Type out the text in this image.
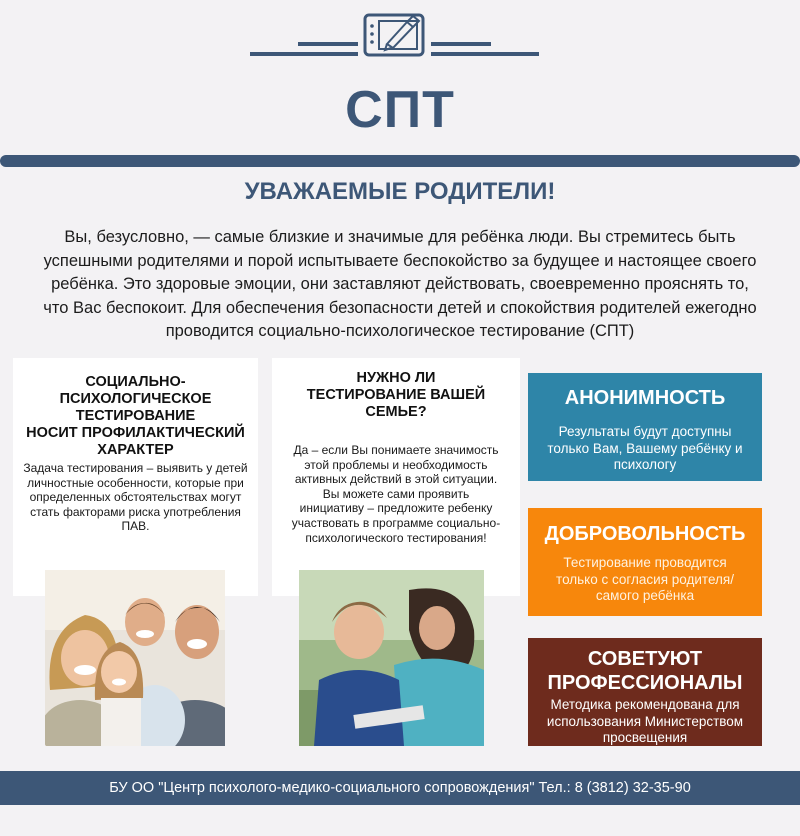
СПТ
УВАЖАЕМЫЕ РОДИТЕЛИ!
Вы, безусловно, — самые близкие и значимые для ребёнка люди. Вы стремитесь быть
успешными родителями и порой испытываете беспокойство за будущее и настоящее своего
ребёнка. Это здоровые эмоции, они заставляют действовать, своевременно прояснять то,
что Вас беспокоит. Для обеспечения безопасности детей и спокойствия родителей ежегодно
проводится социально-психологическое тестирование (СПТ)
СОЦИАЛЬНО-
ПСИХОЛОГИЧЕСКОЕ
ТЕСТИРОВАНИЕ
НОСИТ ПРОФИЛАКТИЧЕСКИЙ
ХАРАКТЕР
Задача тестирования – выявить у детей
личностные особенности, которые при
определенных обстоятельствах могут
стать факторами риска употребления
ПАВ.
НУЖНО ЛИ
ТЕСТИРОВАНИЕ ВАШЕЙ
СЕМЬЕ?
Да – если Вы понимаете значимость
этой проблемы и необходимость
активных действий в этой ситуации.
Вы можете сами проявить
инициативу – предложите ребенку
участвовать в программе социально-
психологического тестирования!
АНОНИМНОСТЬ
Результаты будут доступны
только Вам, Вашему ребёнку и
психологу
ДОБРОВОЛЬНОСТЬ
Тестирование проводится
только с согласия родителя/
самого ребёнка
СОВЕТУЮТ
ПРОФЕССИОНАЛЫ
Методика рекомендована для
использования Министерством
просвещения
БУ ОО "Центр психолого-медико-социального сопровождения" Тел.: 8 (3812) 32-35-90
